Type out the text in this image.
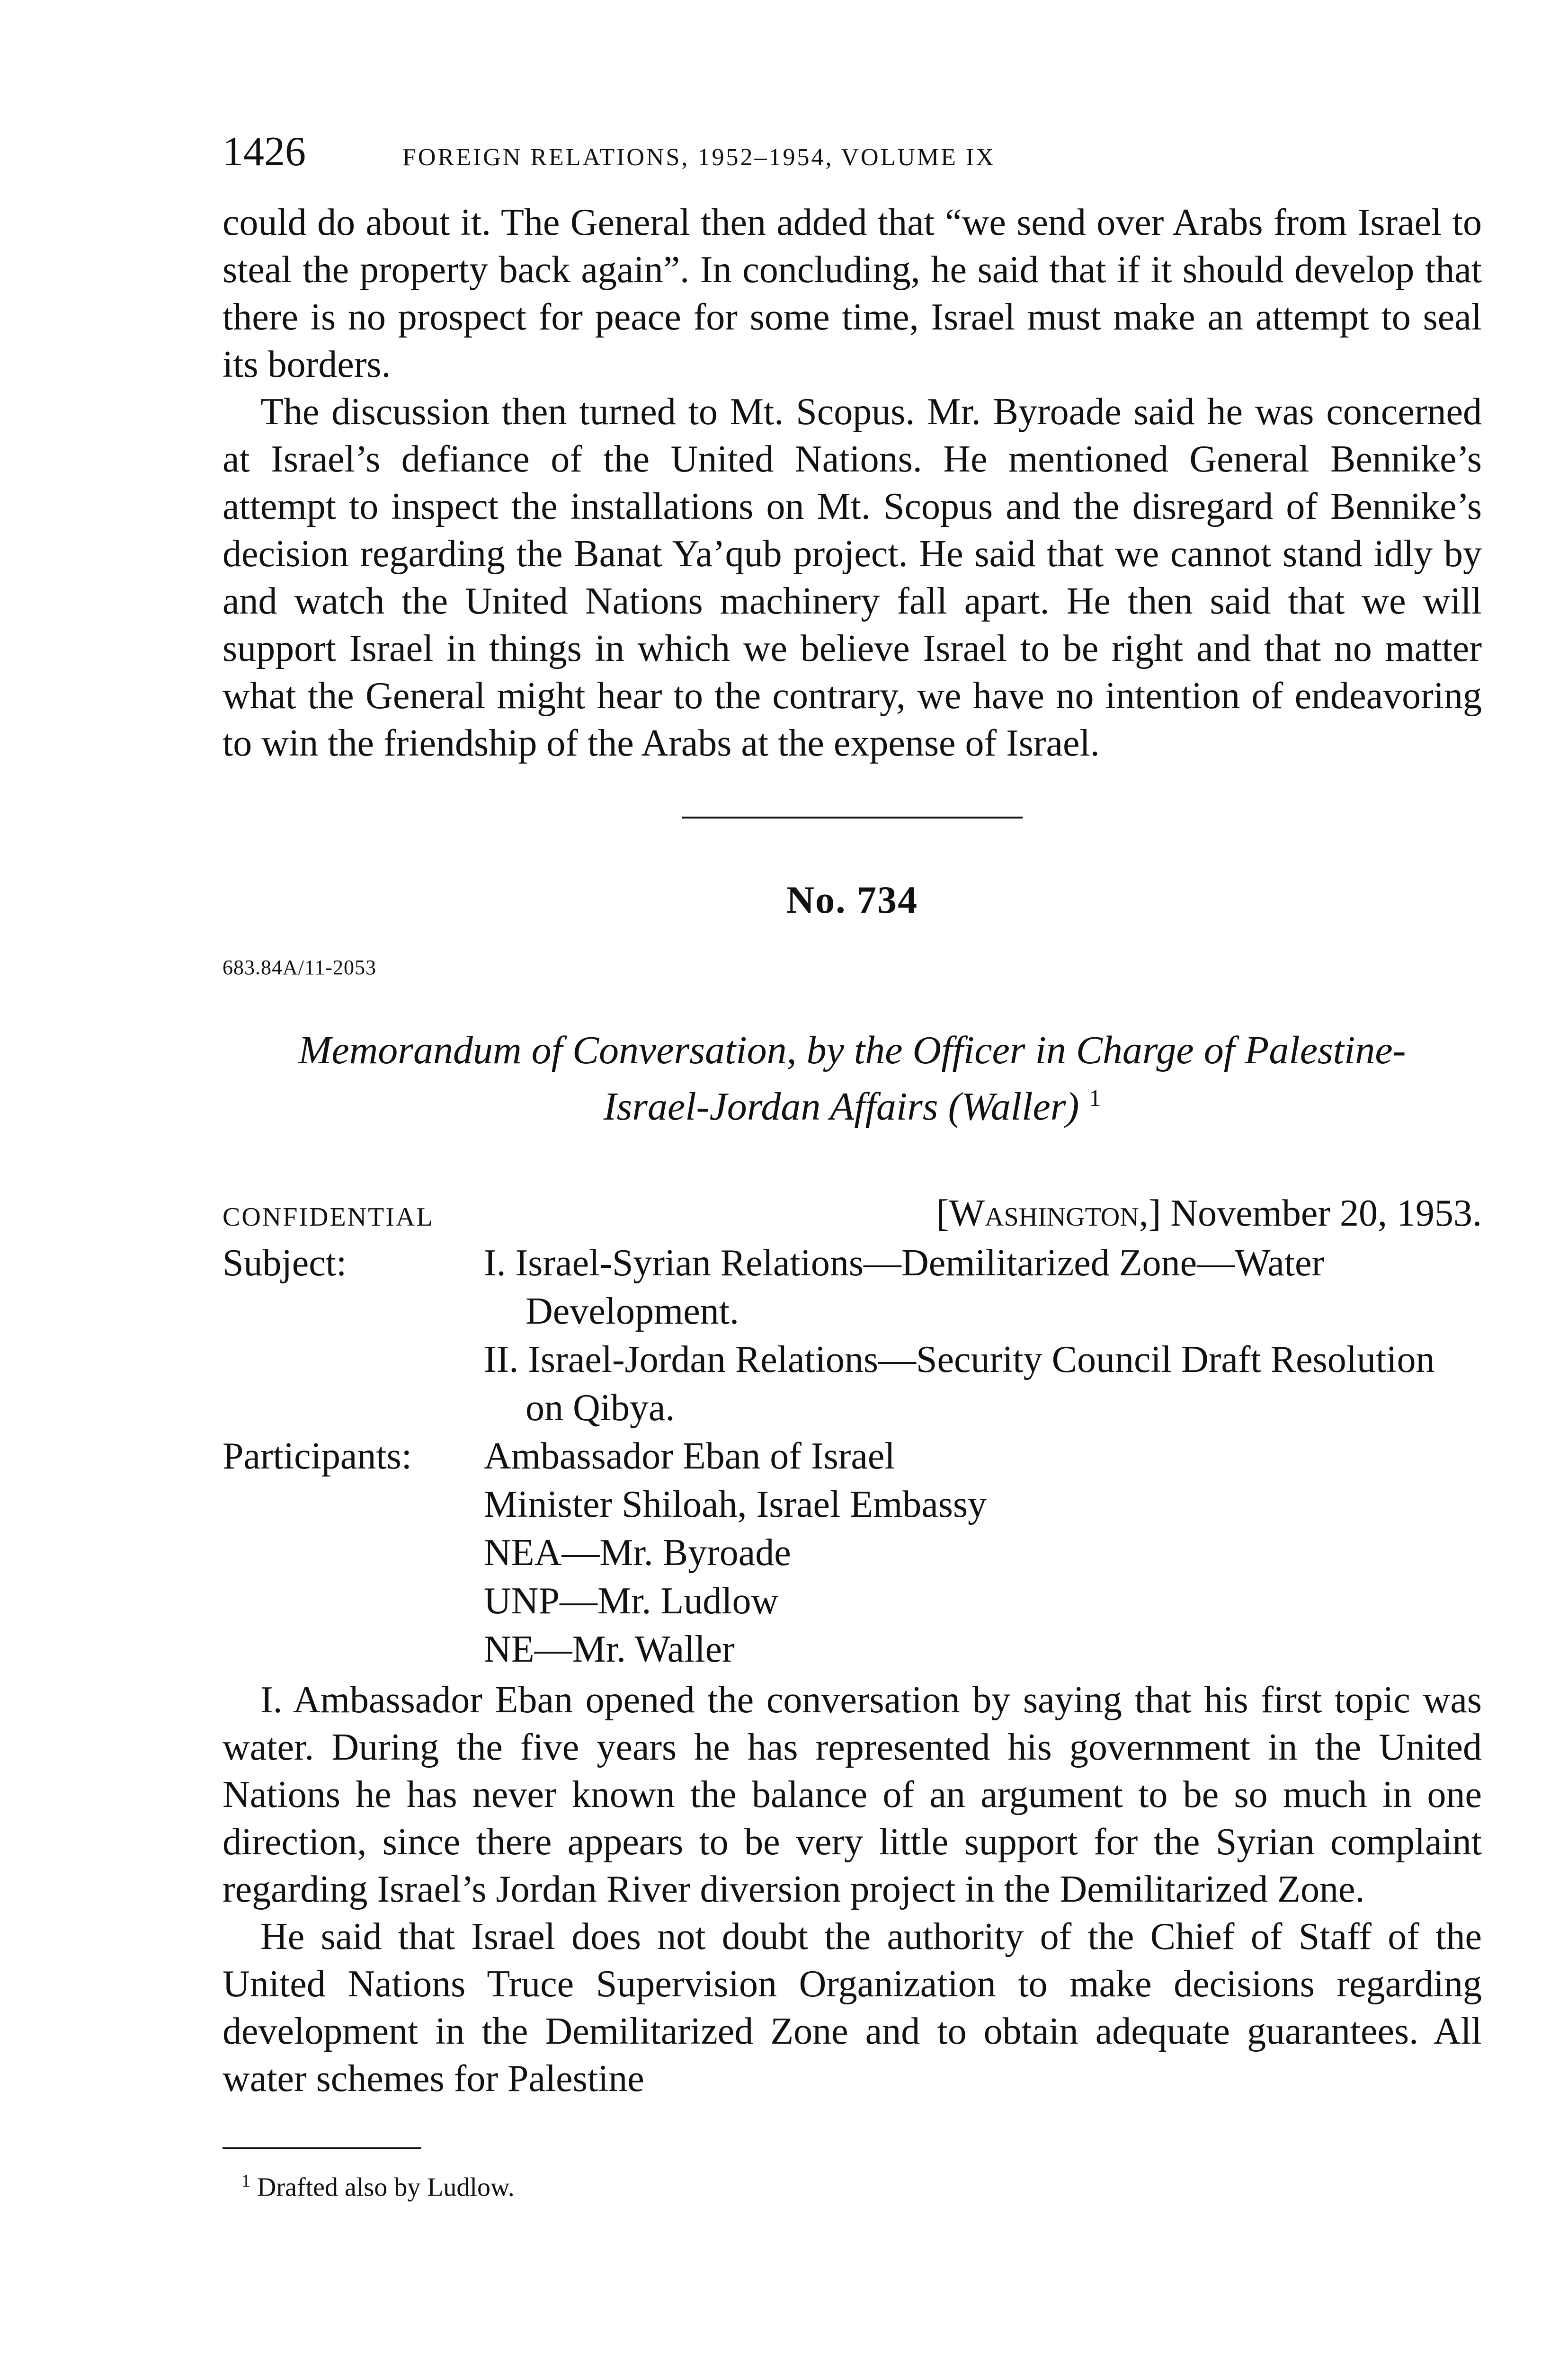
1426	FOREIGN RELATIONS, 1952–1954, VOLUME IX

could do about it. The General then added that “we send over Arabs from Israel to steal the property back again”. In concluding, he said that if it should develop that there is no prospect for peace for some time, Israel must make an attempt to seal its borders.

The discussion then turned to Mt. Scopus. Mr. Byroade said he was concerned at Israel’s defiance of the United Nations. He mentioned General Bennike’s attempt to inspect the installations on Mt. Scopus and the disregard of Bennike’s decision regarding the Banat Ya’qub project. He said that we cannot stand idly by and watch the United Nations machinery fall apart. He then said that we will support Israel in things in which we believe Israel to be right and that no matter what the General might hear to the contrary, we have no intention of endeavoring to win the friendship of the Arabs at the expense of Israel.

No. 734
683.84A/11-2053
Memorandum of Conversation, by the Officer in Charge of Palestine-Israel-Jordan Affairs (Waller) $^1$
CONFIDENTIAL	[Washington,] November 20, 1953.
Subject:	I. Israel-Syrian Relations—Demilitarized Zone—Water Development.
II. Israel-Jordan Relations—Security Council Draft Resolution on Qibya.
Participants:	Ambassador Eban of Israel
Minister Shiloah, Israel Embassy
NEA—Mr. Byroade
UNP—Mr. Ludlow
NE—Mr. Waller

I. Ambassador Eban opened the conversation by saying that his first topic was water. During the five years he has represented his government in the United Nations he has never known the balance of an argument to be so much in one direction, since there appears to be very little support for the Syrian complaint regarding Israel’s Jordan River diversion project in the Demilitarized Zone.

He said that Israel does not doubt the authority of the Chief of Staff of the United Nations Truce Supervision Organization to make decisions regarding development in the Demilitarized Zone and to obtain adequate guarantees. All water schemes for Palestine

$^1$ Drafted also by Ludlow.
